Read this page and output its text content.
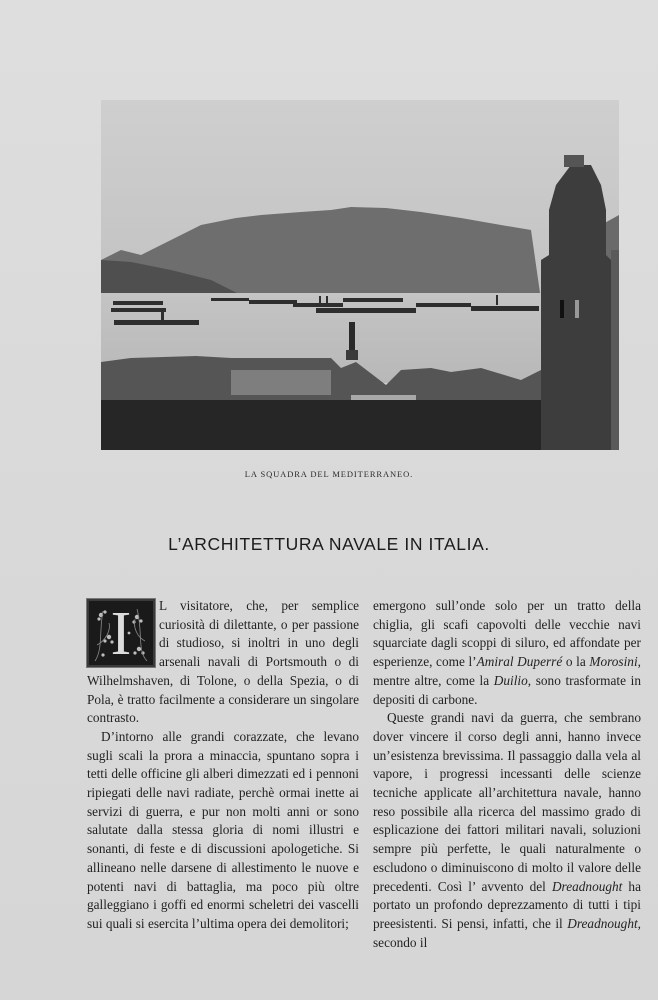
LA SQUADRA DEL MEDITERRANEO.
L’ARCHITETTURA NAVALE IN ITALIA.

I	L visitatore, che, per semplice curiosità di dilettante, o per passione di studioso, si inoltri in uno degli arsenali navali di Portsmouth o di Wilhelmshaven, di Tolone, o della Spezia, o di Pola, è tratto facilmente a considerare un singolare contrasto.

D’intorno alle grandi corazzate, che levano sugli scali la prora a minaccia, spuntano sopra i tetti delle officine gli alberi dimezzati ed i pennoni ripiegati delle navi radiate, perchè ormai inette ai servizi di guerra, e pur non molti anni or sono salutate dalla stessa gloria di nomi illustri e sonanti, di feste e di discussioni apologetiche. Si allineano nelle darsene di allestimento le nuove e potenti navi di battaglia, ma poco più oltre galleggiano i goffi ed enormi scheletri dei vascelli sui quali si esercita l’ultima opera dei demolitori;

emergono sull’onde solo per un tratto della chiglia, gli scafi capovolti delle vecchie navi squarciate dagli scoppi di siluro, ed affondate per esperienze, come l’Amiral Duperré o la Morosini, mentre altre, come la Duilio, sono trasformate in depositi di carbone.

Queste grandi navi da guerra, che sembrano dover vincere il corso degli anni, hanno invece un’esistenza brevissima. Il passaggio dalla vela al vapore, i progressi incessanti delle scienze tecniche applicate all’architettura navale, hanno reso possibile alla ricerca del massimo grado di esplicazione dei fattori militari navali, soluzioni sempre più perfette, le quali naturalmente o escludono o diminuiscono di molto il valore delle precedenti. Così l’ avvento del Dreadnought ha portato un profondo deprezzamento di tutti i tipi preesistenti. Si pensi, infatti, che il Dreadnought, secondo il
